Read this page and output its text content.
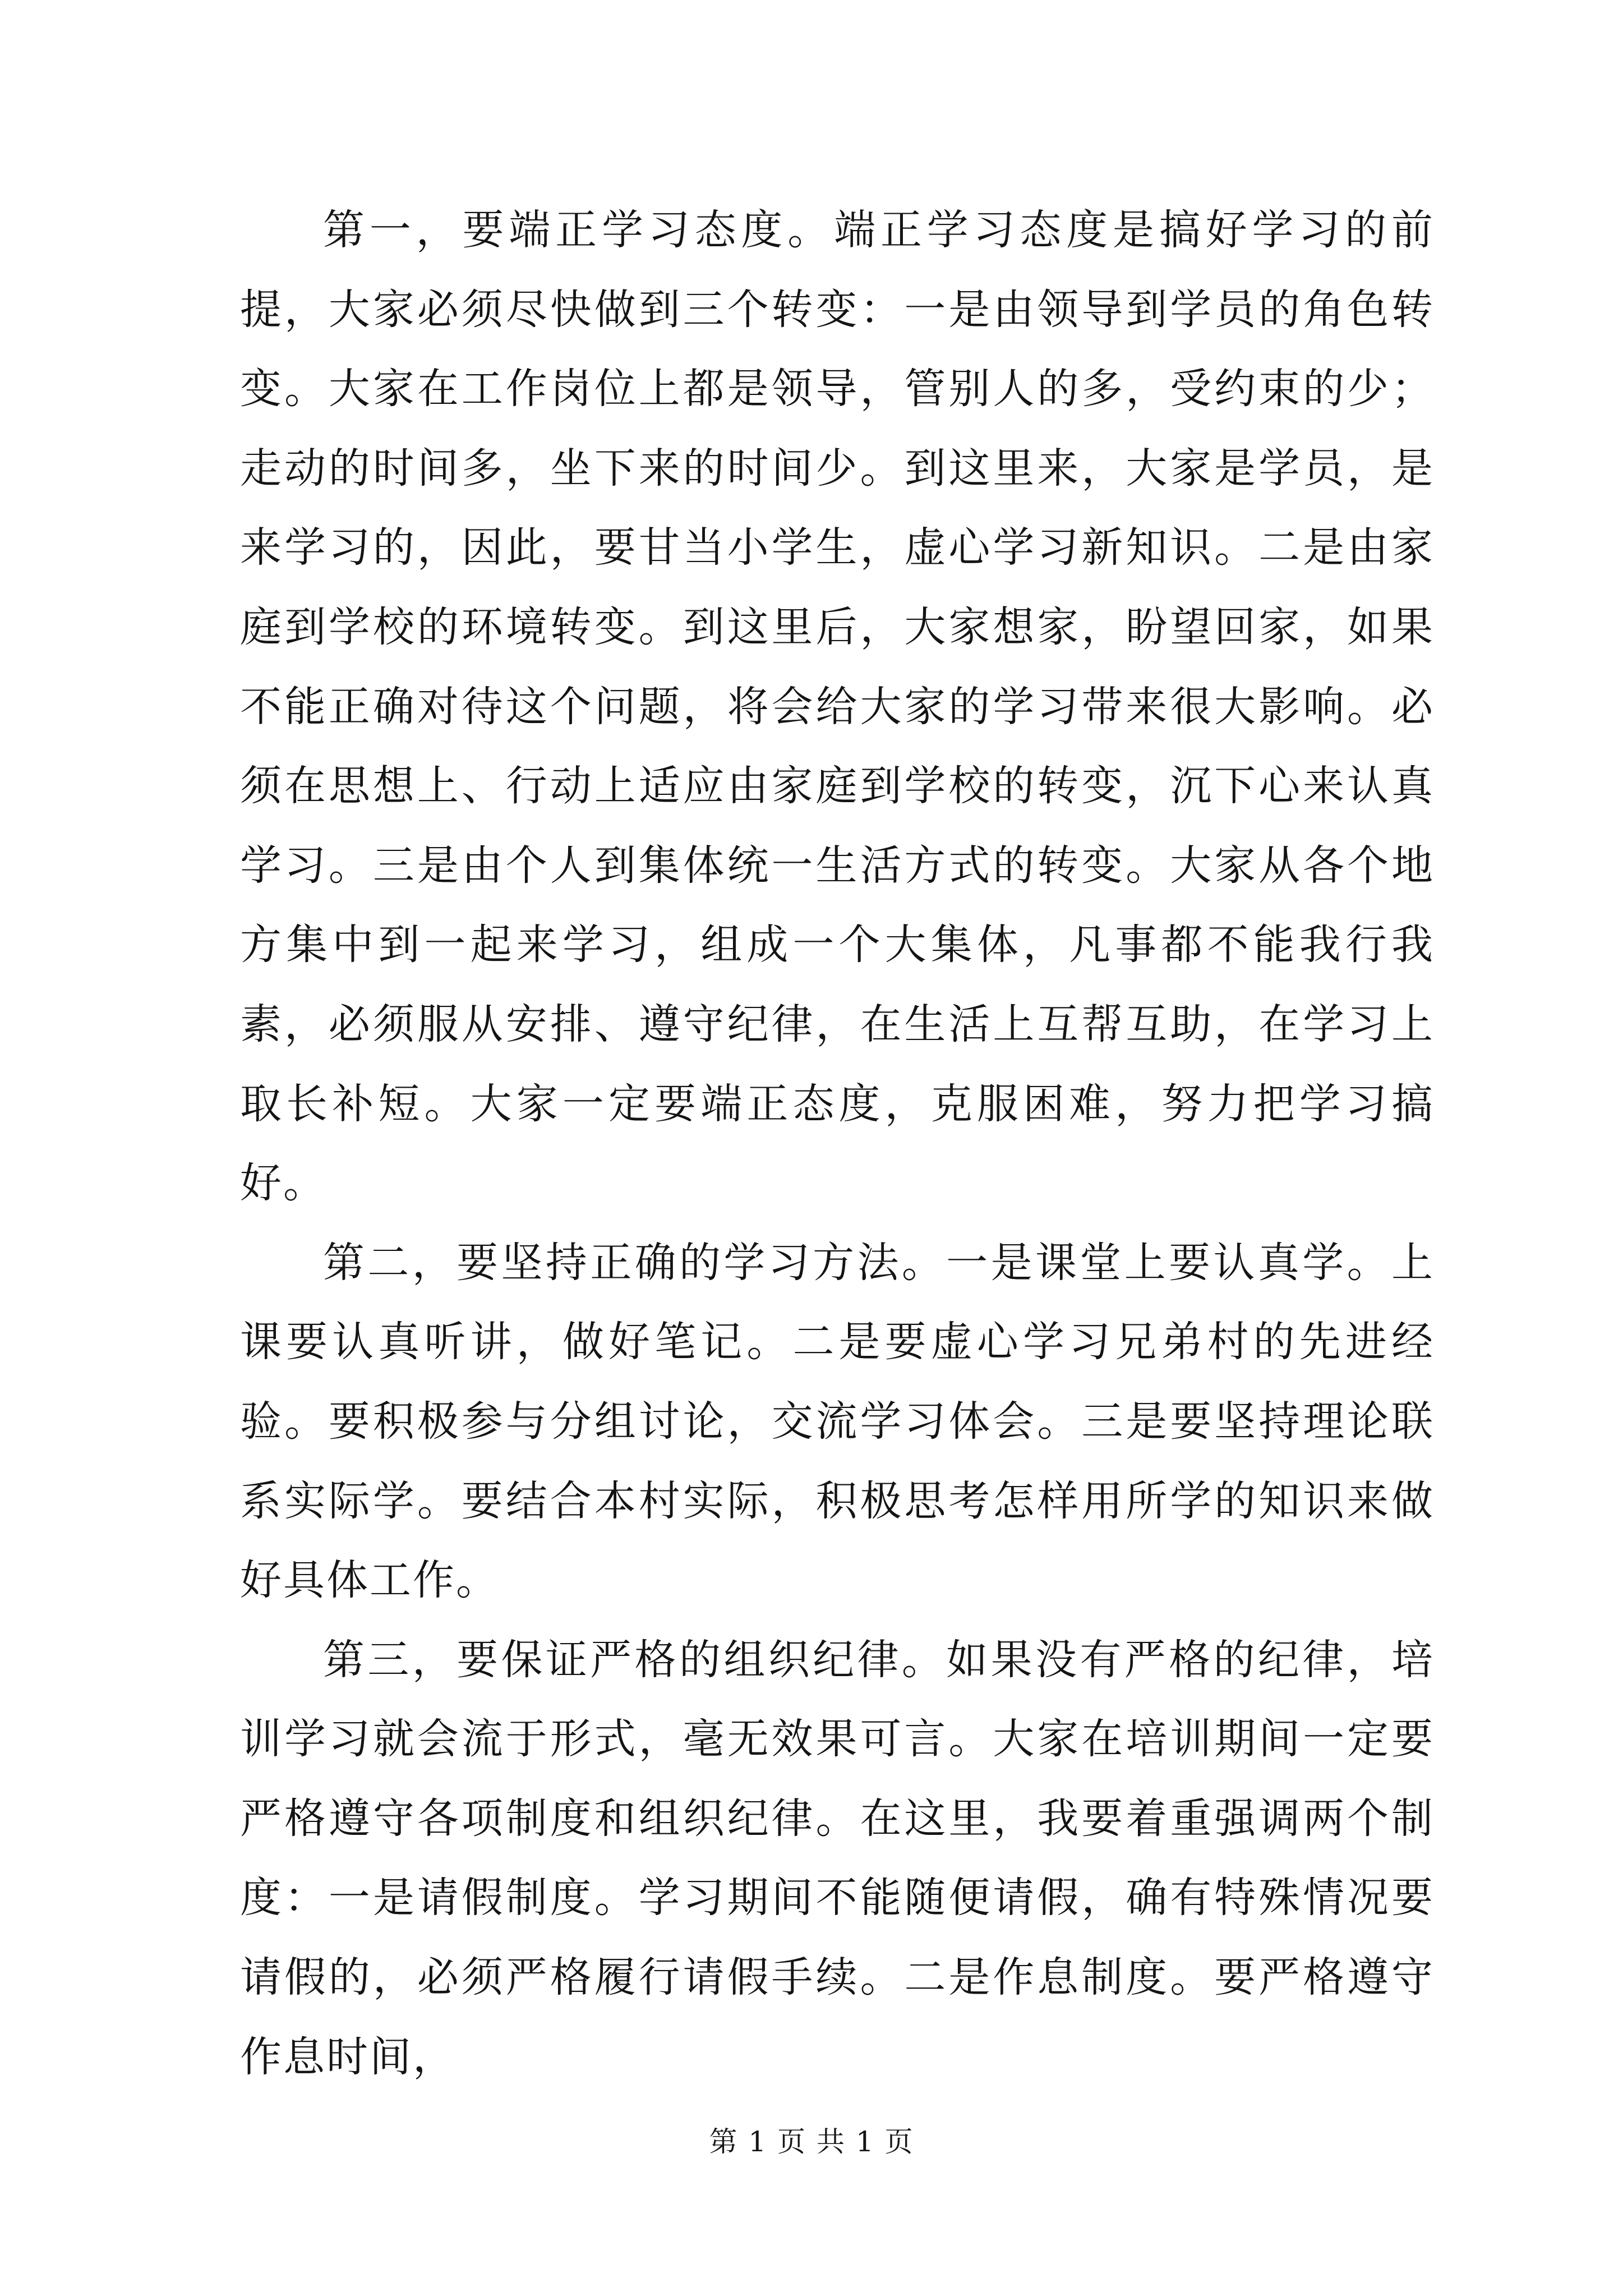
第一，要端正学习态度。端正学习态度是搞好学习的前提，大家必须尽快做到三个转变：一是由领导到学员的角色转变。大家在工作岗位上都是领导，管别人的多，受约束的少；走动的时间多，坐下来的时间少。到这里来，大家是学员，是来学习的，因此，要甘当小学生，虚心学习新知识。二是由家庭到学校的环境转变。到这里后，大家想家，盼望回家，如果不能正确对待这个问题，将会给大家的学习带来很大影响。必须在思想上、行动上适应由家庭到学校的转变，沉下心来认真学习。三是由个人到集体统一生活方式的转变。大家从各个地方集中到一起来学习，组成一个大集体，凡事都不能我行我素，必须服从安排、遵守纪律，在生活上互帮互助，在学习上取长补短。大家一定要端正态度，克服困难，努力把学习搞好。

第二，要坚持正确的学习方法。一是课堂上要认真学。上课要认真听讲，做好笔记。二是要虚心学习兄弟村的先进经验。要积极参与分组讨论，交流学习体会。三是要坚持理论联系实际学。要结合本村实际，积极思考怎样用所学的知识来做好具体工作。

第三，要保证严格的组织纪律。如果没有严格的纪律，培训学习就会流于形式，毫无效果可言。大家在培训期间一定要严格遵守各项制度和组织纪律。在这里，我要着重强调两个制度：一是请假制度。学习期间不能随便请假，确有特殊情况要请假的，必须严格履行请假手续。二是作息制度。要严格遵守作息时间，

第 1 页 共 1 页
